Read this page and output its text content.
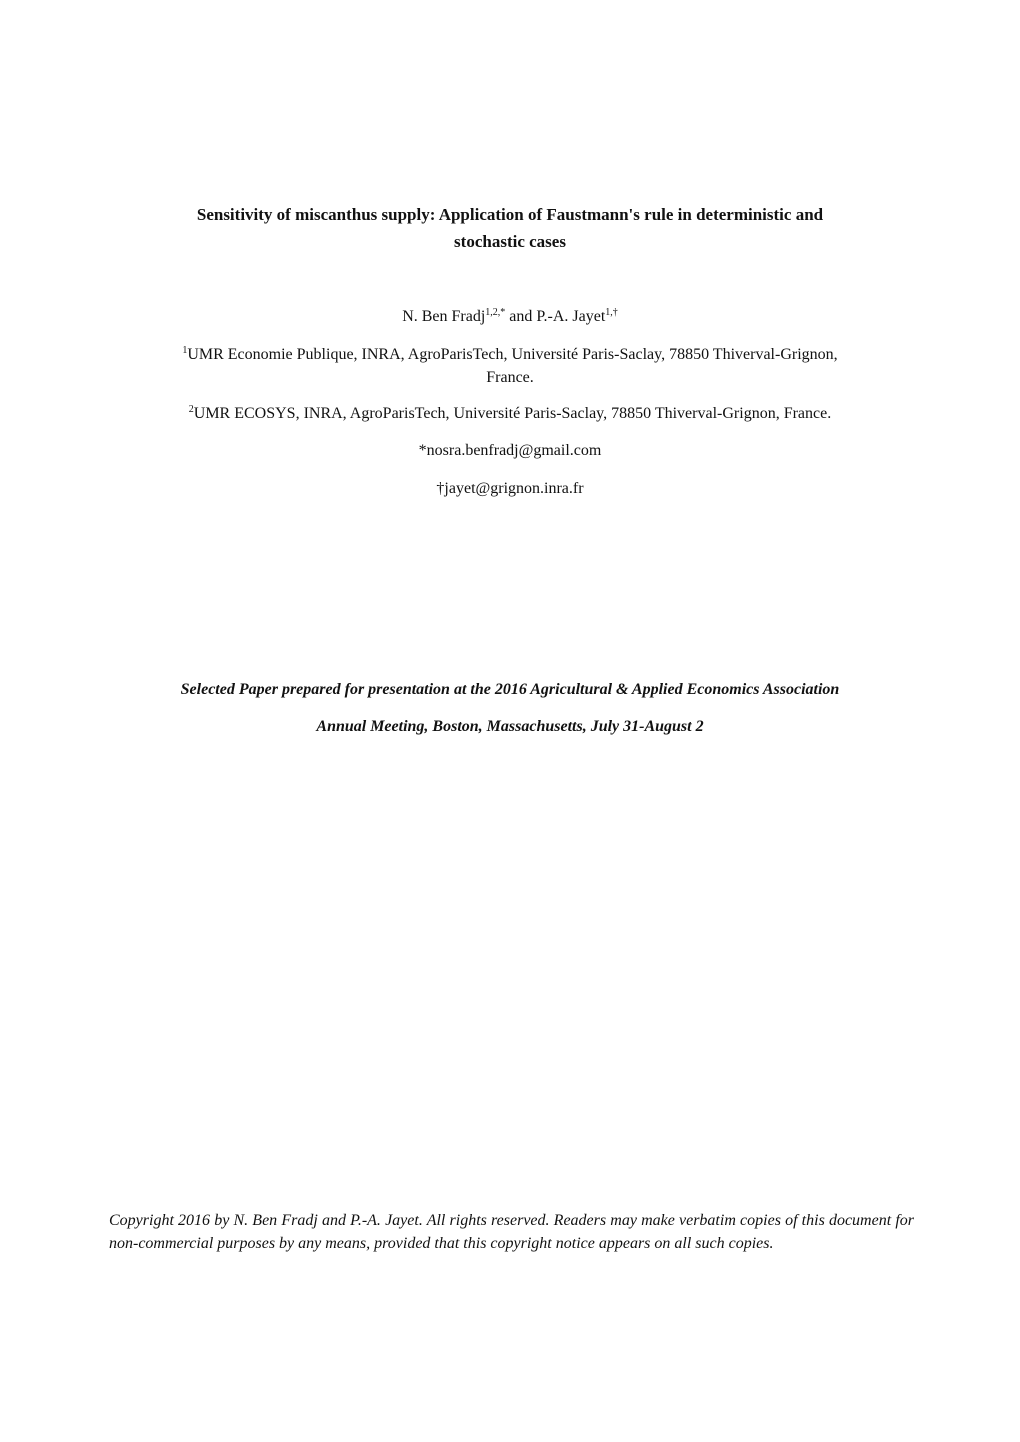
Sensitivity of miscanthus supply: Application of Faustmann's rule in deterministic and
stochastic cases
N. Ben Fradj$^{1,2,*}$ and P.-A. Jayet$^{1,\dagger}$
$^1$UMR Economie Publique, INRA, AgroParisTech, Université Paris-Saclay, 78850 Thiverval-Grignon,
France.
$^2$UMR ECOSYS, INRA, AgroParisTech, Université Paris-Saclay, 78850 Thiverval-Grignon, France.
*nosra.benfradj@gmail.com
†jayet@grignon.inra.fr
Selected Paper prepared for presentation at the 2016 Agricultural & Applied Economics Association
Annual Meeting, Boston, Massachusetts, July 31-August 2
Copyright 2016 by N. Ben Fradj and P.-A. Jayet. All rights reserved. Readers may make verbatim copies of this document for non-commercial purposes by any means, provided that this copyright notice appears on all such copies.
